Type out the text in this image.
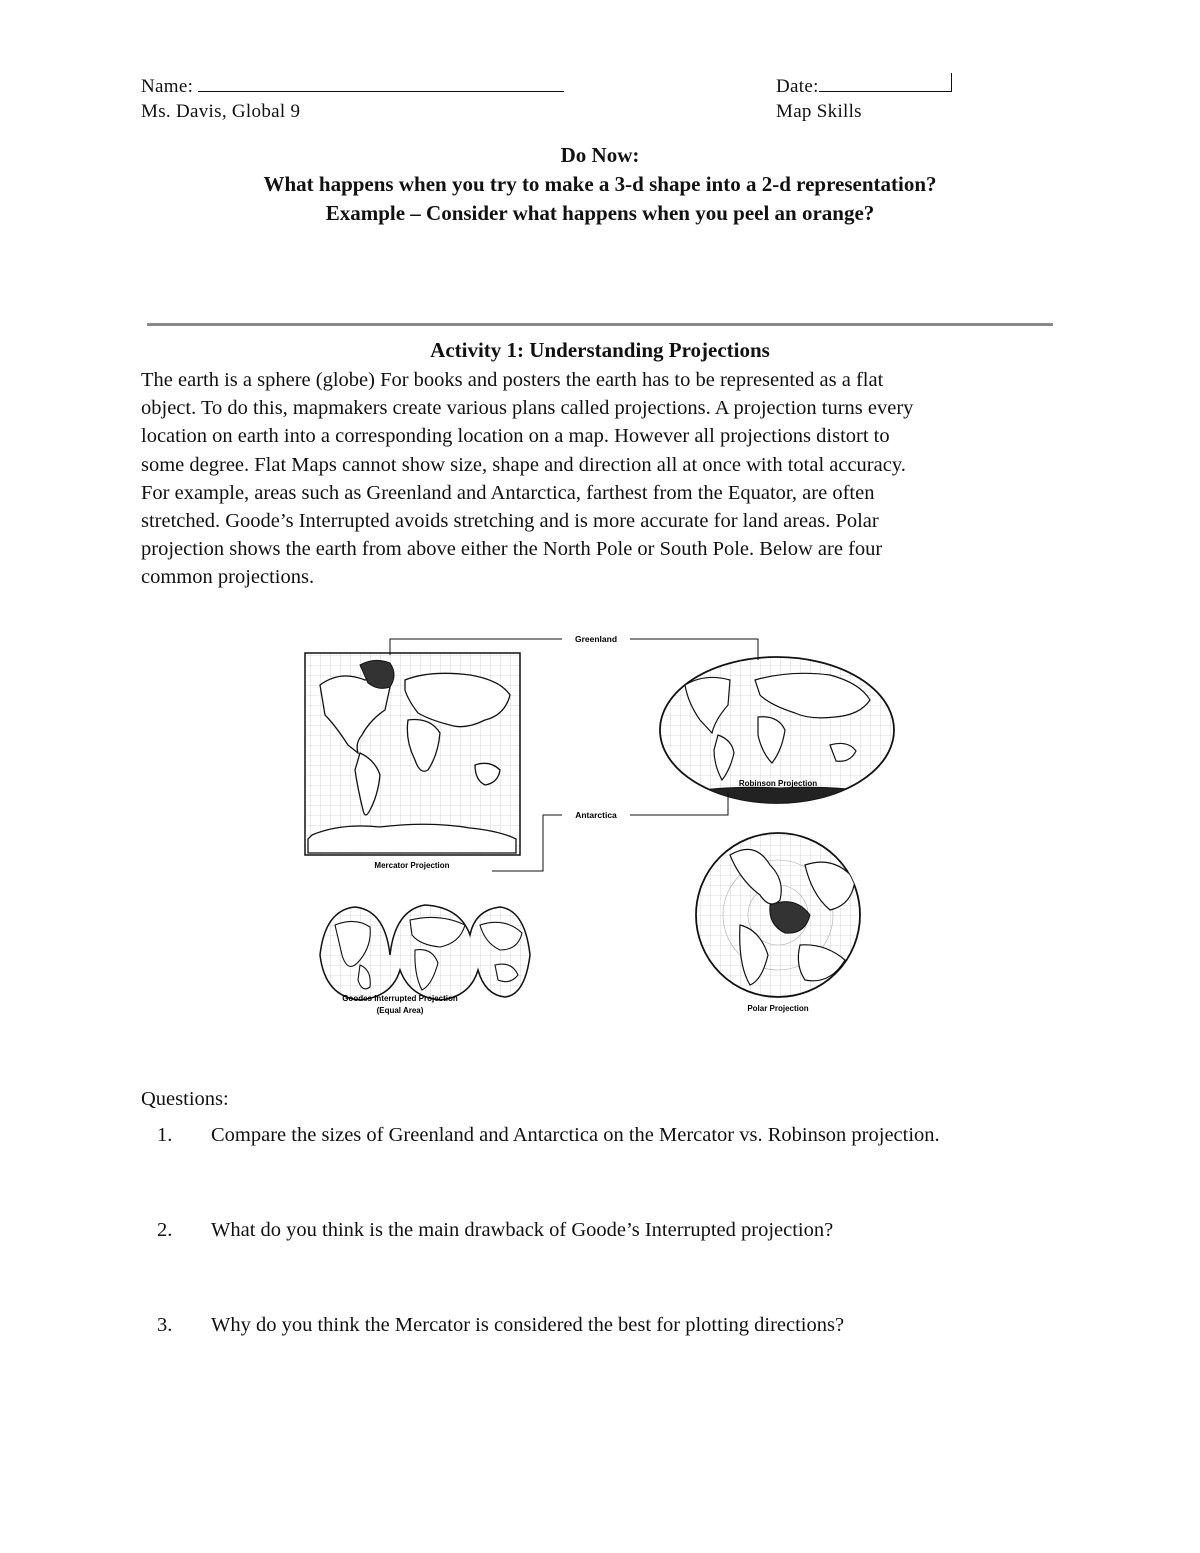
Name:	Date:
Ms. Davis, Global 9	Map Skills
Do Now:
What happens when you try to make a 3-d shape into a 2-d representation?
Example – Consider what happens when you peel an orange?
Activity 1: Understanding Projections
The earth is a sphere (globe) For books and posters the earth has to be represented as a flat
object. To do this, mapmakers create various plans called projections. A projection turns every
location on earth into a corresponding location on a map. However all projections distort to
some degree. Flat Maps cannot show size, shape and direction all at once with total accuracy.
For example, areas such as Greenland and Antarctica, farthest from the Equator, are often
stretched. Goode’s Interrupted avoids stretching and is more accurate for land areas. Polar
projection shows the earth from above either the North Pole or South Pole. Below are four
common projections.
Mercator Projection
Robinson Projection
Goodes Interrupted Projection
(Equal Area)	Polar Projection
Greenland
Antarctica
Questions:
1. Compare the sizes of Greenland and Antarctica on the Mercator vs. Robinson projection.
2. What do you think is the main drawback of Goode’s Interrupted projection?
3. Why do you think the Mercator is considered the best for plotting directions?
